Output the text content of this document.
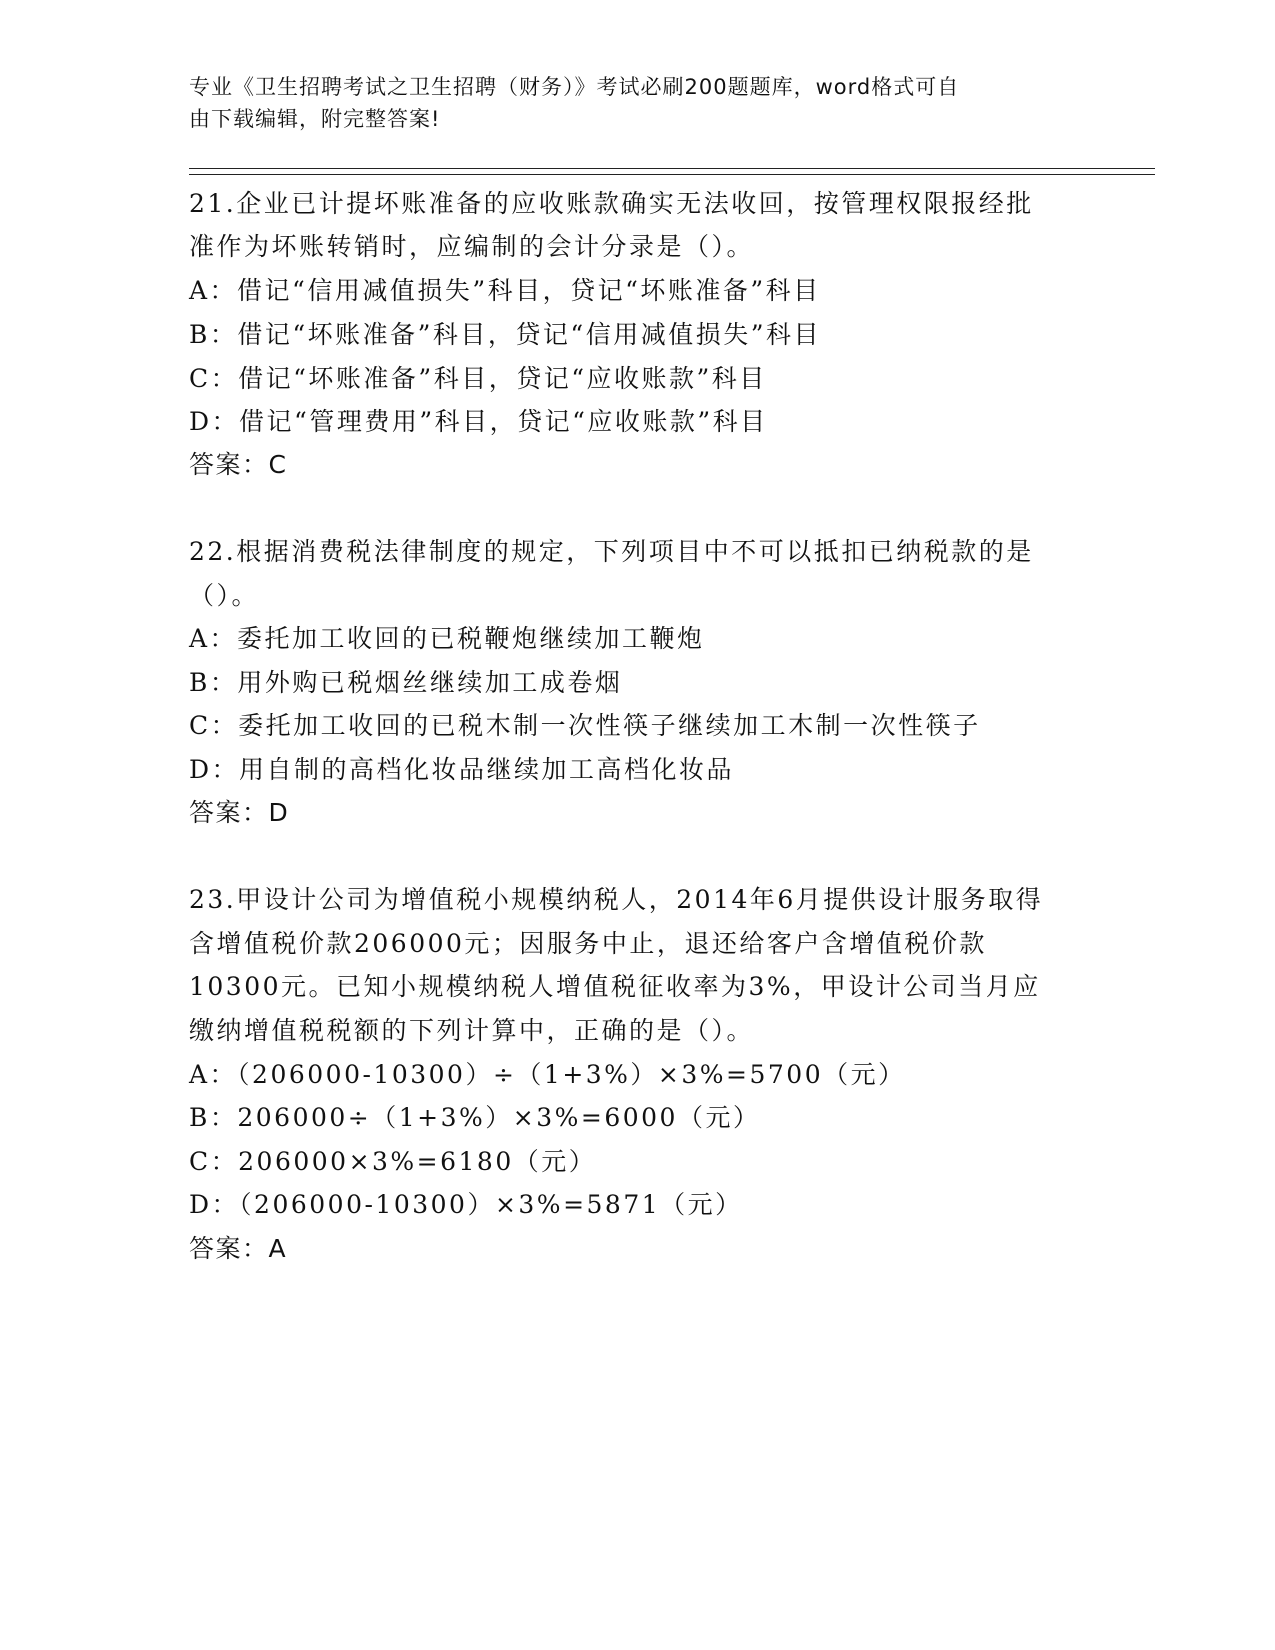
专业《卫生招聘考试之卫生招聘（财务）》考试必刷200题题库，word格式可自
由下载编辑，附完整答案!
21.企业已计提坏账准备的应收账款确实无法收回，按管理权限报经批
准作为坏账转销时，应编制的会计分录是（）。
A：借记“信用减值损失”科目，贷记“坏账准备”科目
B：借记“坏账准备”科目，贷记“信用减值损失”科目
C：借记“坏账准备”科目，贷记“应收账款”科目
D：借记“管理费用”科目，贷记“应收账款”科目
答案：C
22.根据消费税法律制度的规定，下列项目中不可以抵扣已纳税款的是
（）。
A：委托加工收回的已税鞭炮继续加工鞭炮
B：用外购已税烟丝继续加工成卷烟
C：委托加工收回的已税木制一次性筷子继续加工木制一次性筷子
D：用自制的高档化妆品继续加工高档化妆品
答案：D
23.甲设计公司为增值税小规模纳税人，2014年6月提供设计服务取得
含增值税价款206000元；因服务中止，退还给客户含增值税价款
10300元。已知小规模纳税人增值税征收率为3%，甲设计公司当月应
缴纳增值税税额的下列计算中，正确的是（）。
A：（206000-10300）÷（1+3%）×3%=5700（元）
B：206000÷（1+3%）×3%=6000（元）
C：206000×3%=6180（元）
D：（206000-10300）×3%=5871（元）
答案：A
